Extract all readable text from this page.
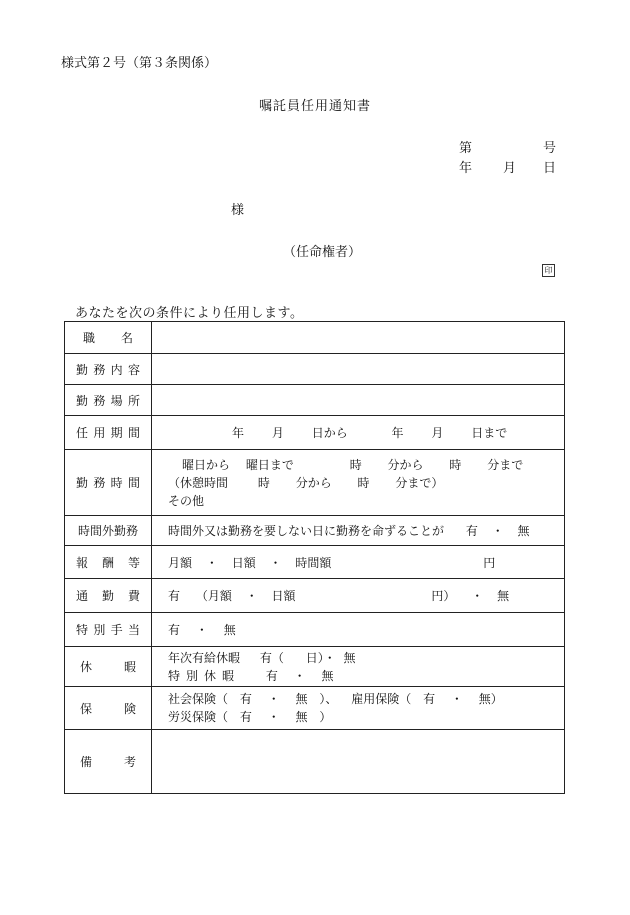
様式第２号（第３条関係）
嘱託員任用通知書
第	号
年 月 日
様
（任命権者）
印
あなたを次の条件により任用します。
職名	
勤務内容	
勤務場所	
任用期間	年 月 日から 年 月 日まで

勤務時間	曜日から 曜日まで 時 分から 時 分まで
（休憩時間 時 分から 時 分まで）
その他

時間外勤務	時間外又は勤務を要しない日に勤務を命ずることが 有 ・ 無
報酬等	月額 ・ 日額 ・ 時間額 円
通勤費	有 （月額 ・ 日額 円） ・ 無
特別手当	有 ・ 無
休暇	年次有給休暇 有（ 日）・ 無
特別休暇 有 ・ 無

保険	社会保険（ 有 ・ 無 ）、 雇用保険（ 有 ・ 無）
労災保険（ 有 ・ 無 ）

備考	
